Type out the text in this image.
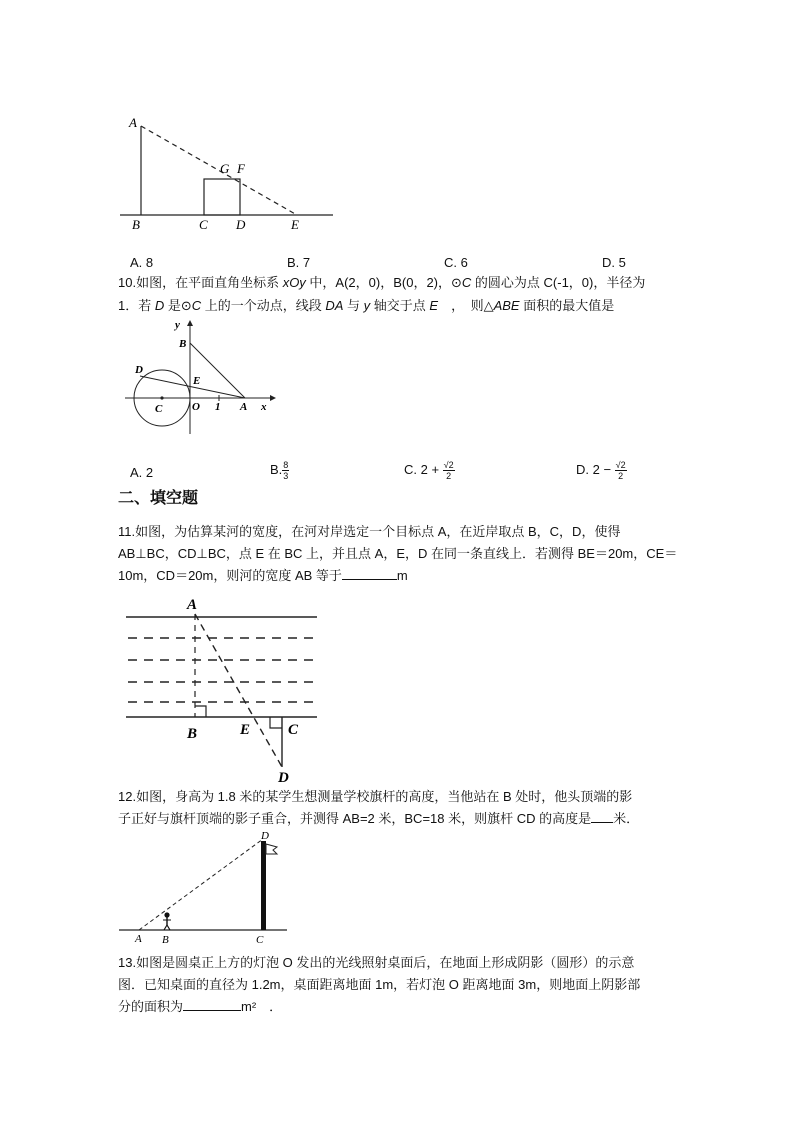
A
B	C D	E
G F
A. 8	B. 7	C. 6	D. 5
10.如图，在平面直角坐标系 xOy 中，A(2，0)，B(0，2)，⊙C 的圆心为点 C(-1，0)，半径为
1．若 D 是⊙C 上的一个动点，线段 DA 与 y 轴交于点 E　，　则△ABE 面积的最大值是
y
B
D
E
C	O 1 A x
A. 2	B. $\frac{8}{3}$	C. $2 + \frac{√2}{2}$	D. $2 - \frac{√2}{2}$
二、填空题
11.如图，为估算某河的宽度，在河对岸选定一个目标点 A，在近岸取点 B，C，D，使得
AB⊥BC，CD⊥BC，点 E 在 BC 上，并且点 A，E，D 在同一条直线上．若测得 BE＝20m，CE＝
10m，CD＝20m，则河的宽度 AB 等于	m
A
B	E	C
D
12.如图，身高为 1.8 米的某学生想测量学校旗杆的高度，当他站在 B 处时，他头顶端的影
子正好与旗杆顶端的影子重合，并测得 AB=2 米，BC=18 米，则旗杆 CD 的高度是 米．
D
A B	C
13.如图是圆桌正上方的灯泡 O 发出的光线照射桌面后，在地面上形成阴影（圆形）的示意
图．已知桌面的直径为 1.2m，桌面距离地面 1m，若灯泡 O 距离地面 3m，则地面上阴影部
分的面积为	m²　．
